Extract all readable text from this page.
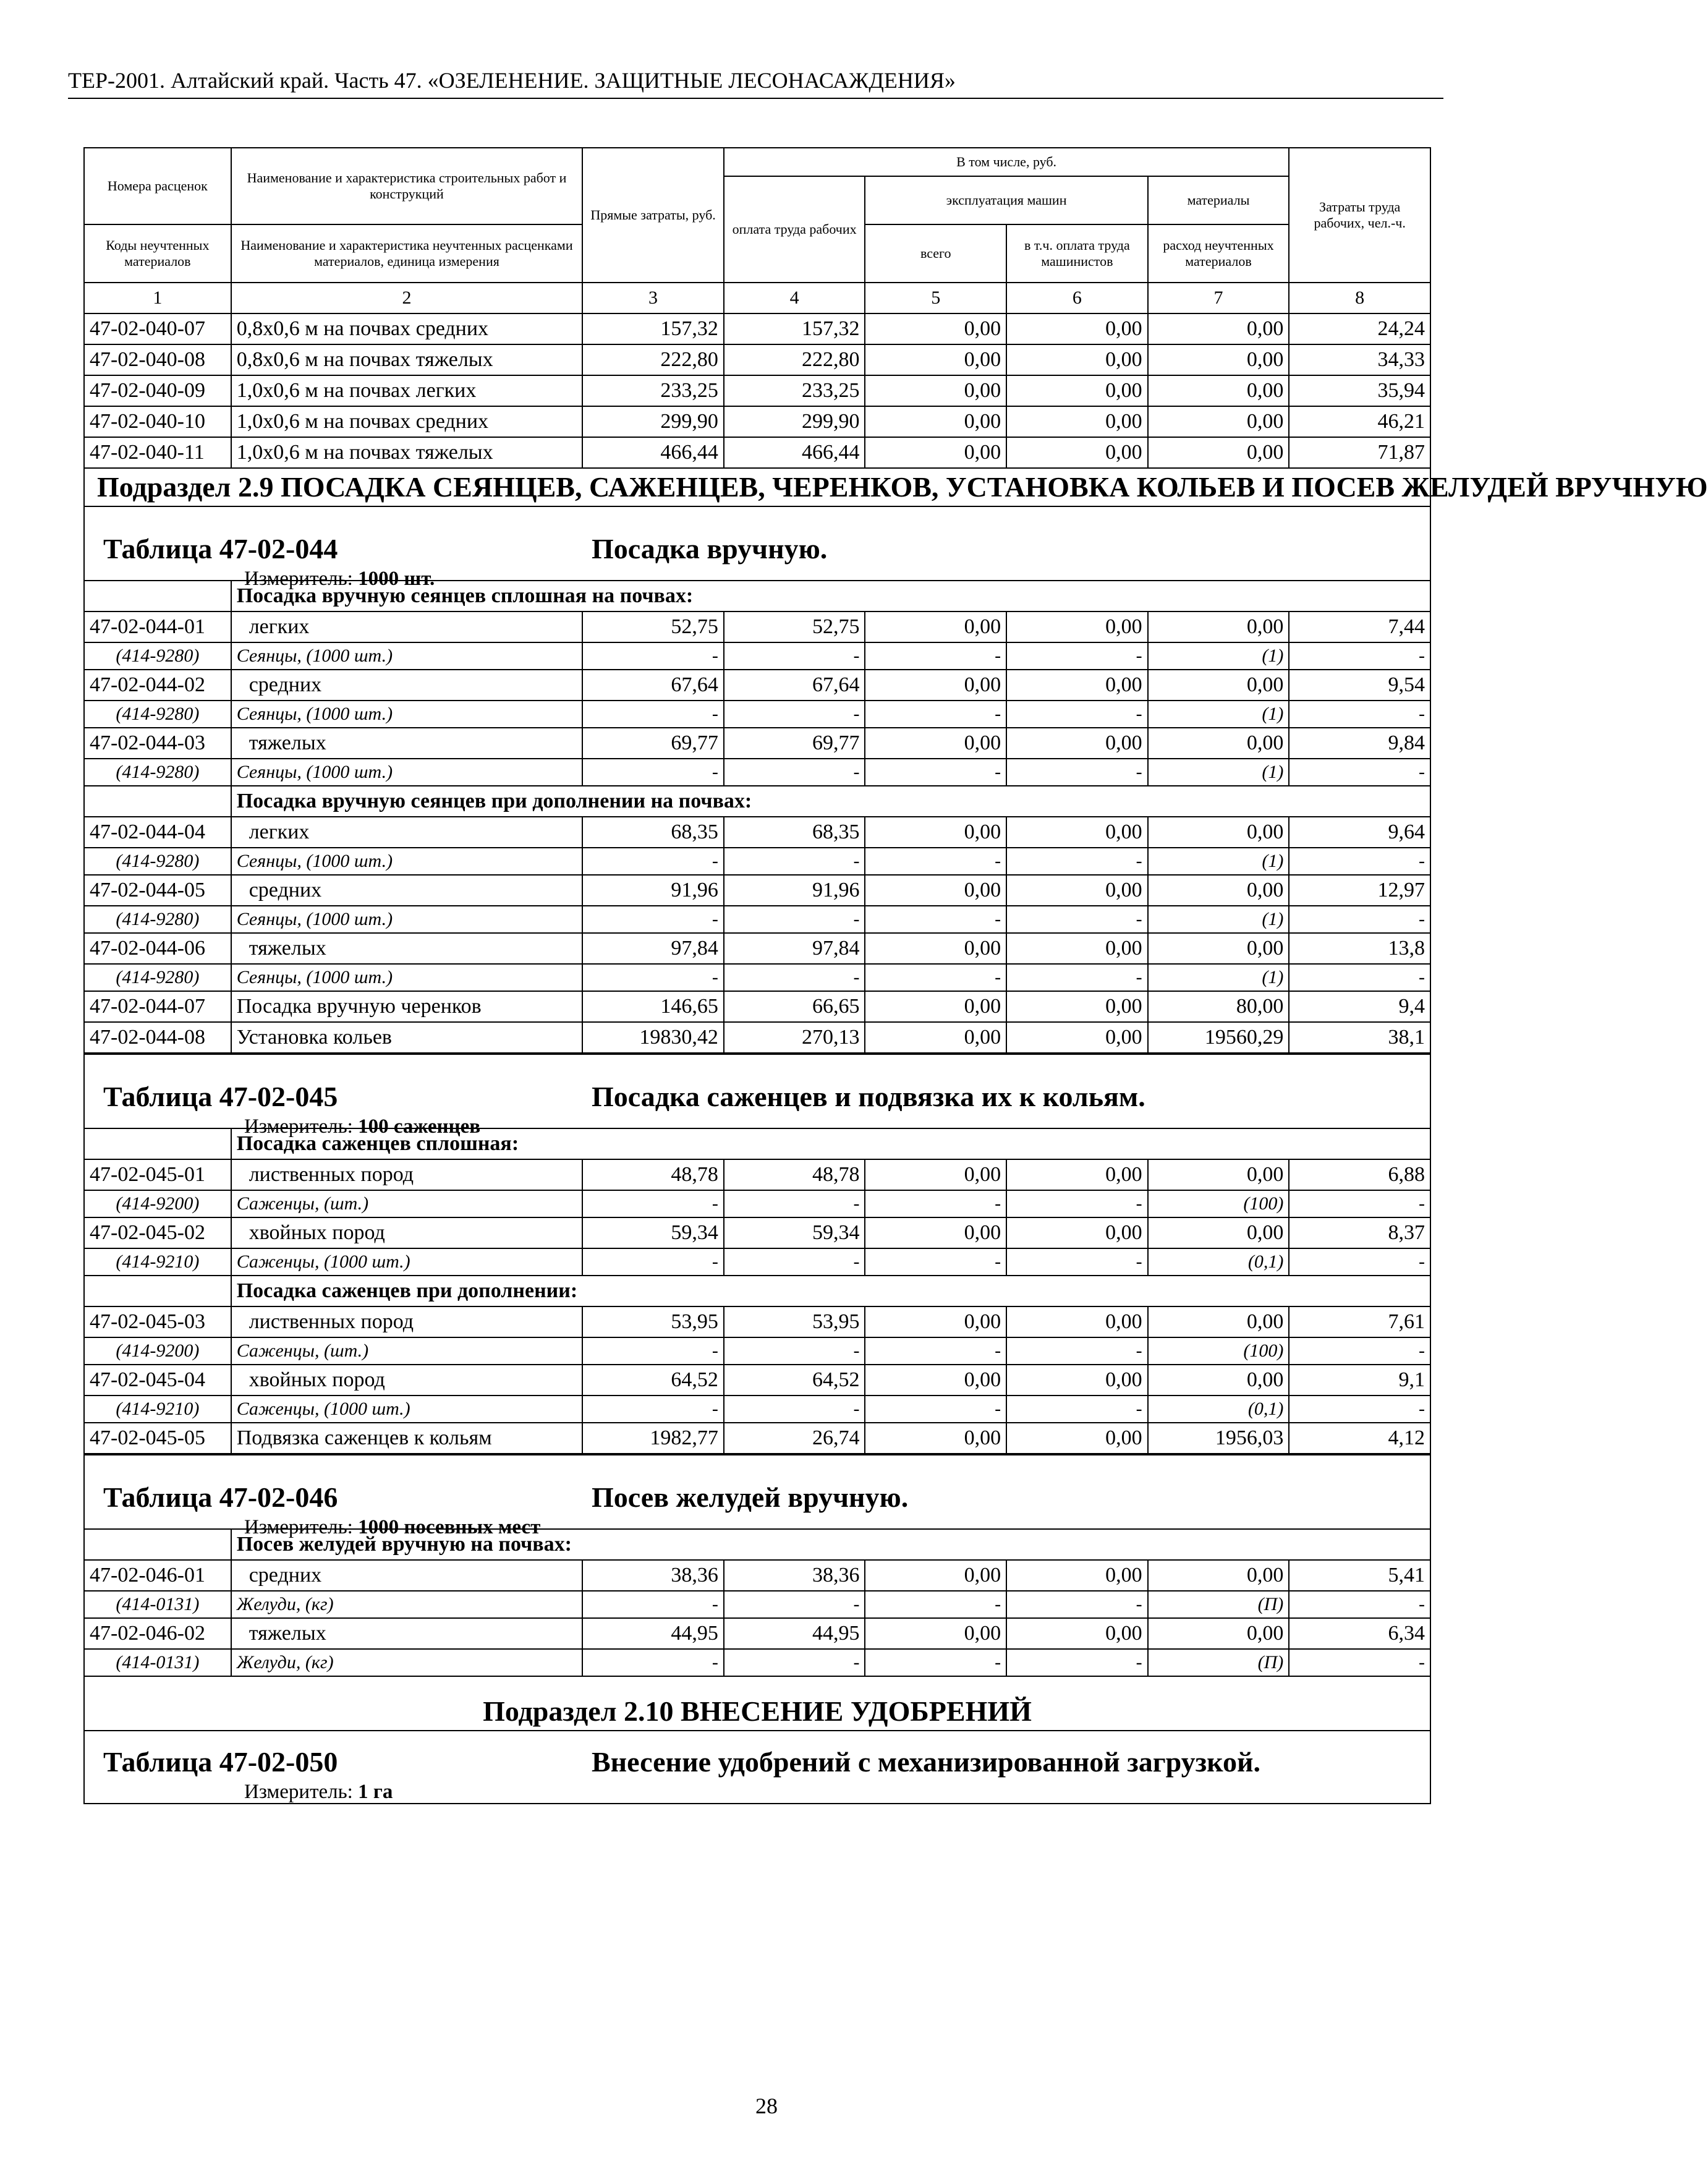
ТЕР-2001. Алтайский край. Часть 47. «ОЗЕЛЕНЕНИЕ. ЗАЩИТНЫЕ ЛЕСОНАСАЖДЕНИЯ»
Номера расценок	Наименование и характеристика строительных работ и конструкций	Прямые затраты, руб.	В том числе, руб.				Затраты труда рабочих, чел.-ч.
			оплата труда рабочих	эксплуатация машин		материалы	
Коды неучтенных материалов	Наименование и характеристика неучтенных расценками материалов, единица измерения			всего	в т.ч. оплата труда машинистов	расход неучтенных материалов	
1	2	3	4	5	6	7	8
47-02-040-07	0,8x0,6 м на почвах средних	157,32	157,32	0,00	0,00	0,00	24,24
47-02-040-08	0,8x0,6 м на почвах тяжелых	222,80	222,80	0,00	0,00	0,00	34,33
47-02-040-09	1,0x0,6 м на почвах легких	233,25	233,25	0,00	0,00	0,00	35,94
47-02-040-10	1,0x0,6 м на почвах средних	299,90	299,90	0,00	0,00	0,00	46,21
47-02-040-11	1,0x0,6 м на почвах тяжелых	466,44	466,44	0,00	0,00	0,00	71,87
Подраздел 2.9 ПОСАДКА СЕЯНЦЕВ, САЖЕНЦЕВ, ЧЕРЕНКОВ, УСТАНОВКА КОЛЬЕВ И ПОСЕВ ЖЕЛУДЕЙ ВРУЧНУЮ							

Таблица 47-02-044 Посадка вручную.
Измеритель: 1000 шт.							

	Посадка вручную сеянцев сплошная на почвах:						
47-02-044-01	легких	52,75	52,75	0,00	0,00	0,00	7,44
(414-9280)	Сеянцы, (1000 шт.)	-	-	-	-	(1)	-
47-02-044-02	средних	67,64	67,64	0,00	0,00	0,00	9,54
(414-9280)	Сеянцы, (1000 шт.)	-	-	-	-	(1)	-
47-02-044-03	тяжелых	69,77	69,77	0,00	0,00	0,00	9,84
(414-9280)	Сеянцы, (1000 шт.)	-	-	-	-	(1)	-
	Посадка вручную сеянцев при дополнении на почвах:						
47-02-044-04	легких	68,35	68,35	0,00	0,00	0,00	9,64
(414-9280)	Сеянцы, (1000 шт.)	-	-	-	-	(1)	-
47-02-044-05	средних	91,96	91,96	0,00	0,00	0,00	12,97
(414-9280)	Сеянцы, (1000 шт.)	-	-	-	-	(1)	-
47-02-044-06	тяжелых	97,84	97,84	0,00	0,00	0,00	13,8
(414-9280)	Сеянцы, (1000 шт.)	-	-	-	-	(1)	-
47-02-044-07	Посадка вручную черенков	146,65	66,65	0,00	0,00	80,00	9,4
47-02-044-08	Установка кольев	19830,42	270,13	0,00	0,00	19560,29	38,1

Таблица 47-02-045 Посадка саженцев и подвязка их к кольям.
Измеритель: 100 саженцев							

	Посадка саженцев сплошная:						
47-02-045-01	лиственных пород	48,78	48,78	0,00	0,00	0,00	6,88
(414-9200)	Саженцы, (шт.)	-	-	-	-	(100)	-
47-02-045-02	хвойных пород	59,34	59,34	0,00	0,00	0,00	8,37
(414-9210)	Саженцы, (1000 шт.)	-	-	-	-	(0,1)	-
	Посадка саженцев при дополнении:						
47-02-045-03	лиственных пород	53,95	53,95	0,00	0,00	0,00	7,61
(414-9200)	Саженцы, (шт.)	-	-	-	-	(100)	-
47-02-045-04	хвойных пород	64,52	64,52	0,00	0,00	0,00	9,1
(414-9210)	Саженцы, (1000 шт.)	-	-	-	-	(0,1)	-
47-02-045-05	Подвязка саженцев к кольям	1982,77	26,74	0,00	0,00	1956,03	4,12

Таблица 47-02-046 Посев желудей вручную.
Измеритель: 1000 посевных мест							

	Посев желудей вручную на почвах:						
47-02-046-01	средних	38,36	38,36	0,00	0,00	0,00	5,41
(414-0131)	Желуди, (кг)	-	-	-	-	(П)	-
47-02-046-02	тяжелых	44,95	44,95	0,00	0,00	0,00	6,34
(414-0131)	Желуди, (кг)	-	-	-	-	(П)	-
Подраздел 2.10 ВНЕСЕНИЕ УДОБРЕНИЙ							

Таблица 47-02-050 Внесение удобрений с механизированной загрузкой.
Измеритель: 1 га							
28
